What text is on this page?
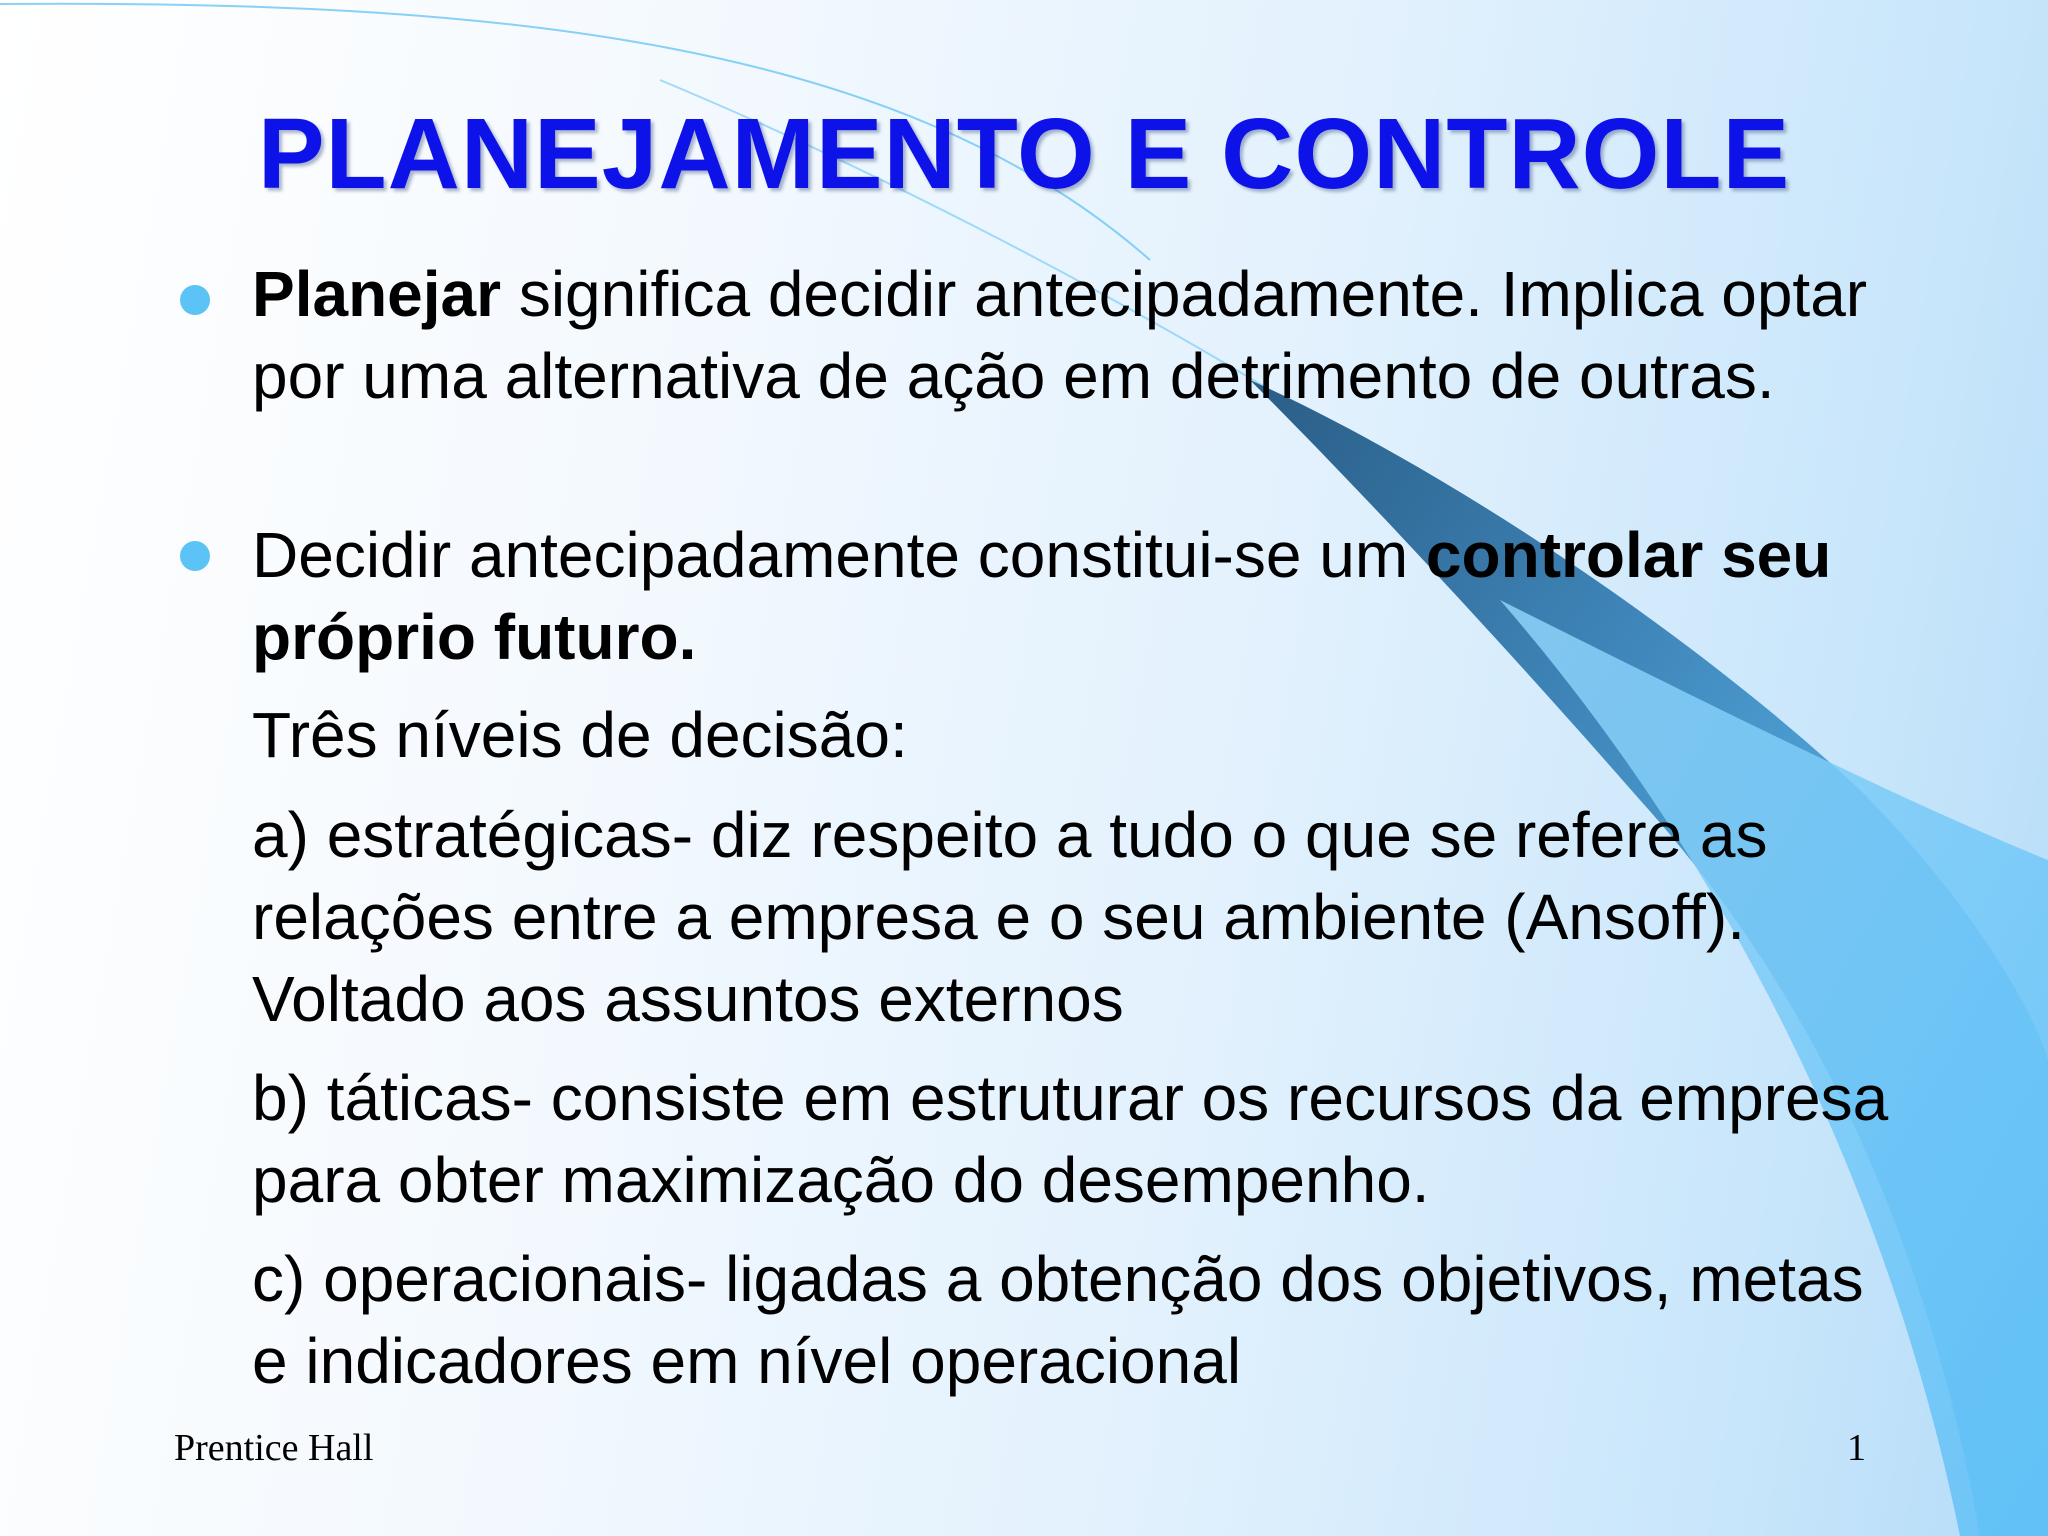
PLANEJAMENTO E CONTROLE
Planejar significa decidir antecipadamente. Implica optar por uma alternativa de ação em detrimento de outras.
Decidir antecipadamente constitui-se um controlar seu próprio futuro.
Três níveis de decisão:
a) estratégicas- diz respeito a tudo o que se refere as relações entre a empresa e o seu ambiente (Ansoff). Voltado aos assuntos externos
b) táticas- consiste em estruturar os recursos da empresa para obter maximização do desempenho.
c) operacionais- ligadas a obtenção dos objetivos, metas e indicadores em nível operacional
Prentice Hall	1
